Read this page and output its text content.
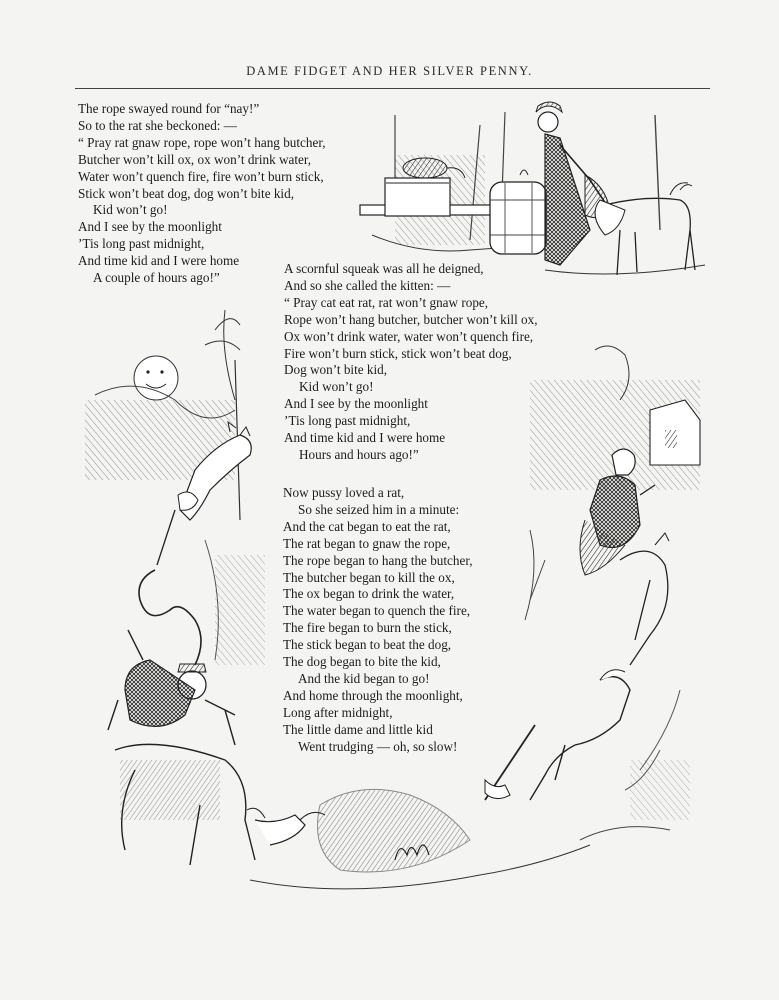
DAME FIDGET AND HER SILVER PENNY.
The rope swayed round for “nay!”
So to the rat she beckoned: —
“ Pray rat gnaw rope, rope won’t hang butcher,
Butcher won’t kill ox, ox won’t drink water,
Water won’t quench fire, fire won’t burn stick,
Stick won’t beat dog, dog won’t bite kid,
Kid won’t go!
And I see by the moonlight
’Tis long past midnight,
And time kid and I were home
A couple of hours ago!”
A scornful squeak was all he deigned,
And so she called the kitten: —
“ Pray cat eat rat, rat won’t gnaw rope,
Rope won’t hang butcher, butcher won’t kill ox,
Ox won’t drink water, water won’t quench fire,
Fire won’t burn stick, stick won’t beat dog,
Dog won’t bite kid,
Kid won’t go!
And I see by the moonlight
’Tis long past midnight,
And time kid and I were home
Hours and hours ago!”
Now pussy loved a rat,
So she seized him in a minute:
And the cat began to eat the rat,
The rat began to gnaw the rope,
The rope began to hang the butcher,
The butcher began to kill the ox,
The ox began to drink the water,
The water began to quench the fire,
The fire began to burn the stick,
The stick began to beat the dog,
The dog began to bite the kid,
And the kid began to go!
And home through the moonlight,
Long after midnight,
The little dame and little kid
Went trudging — oh, so slow!
